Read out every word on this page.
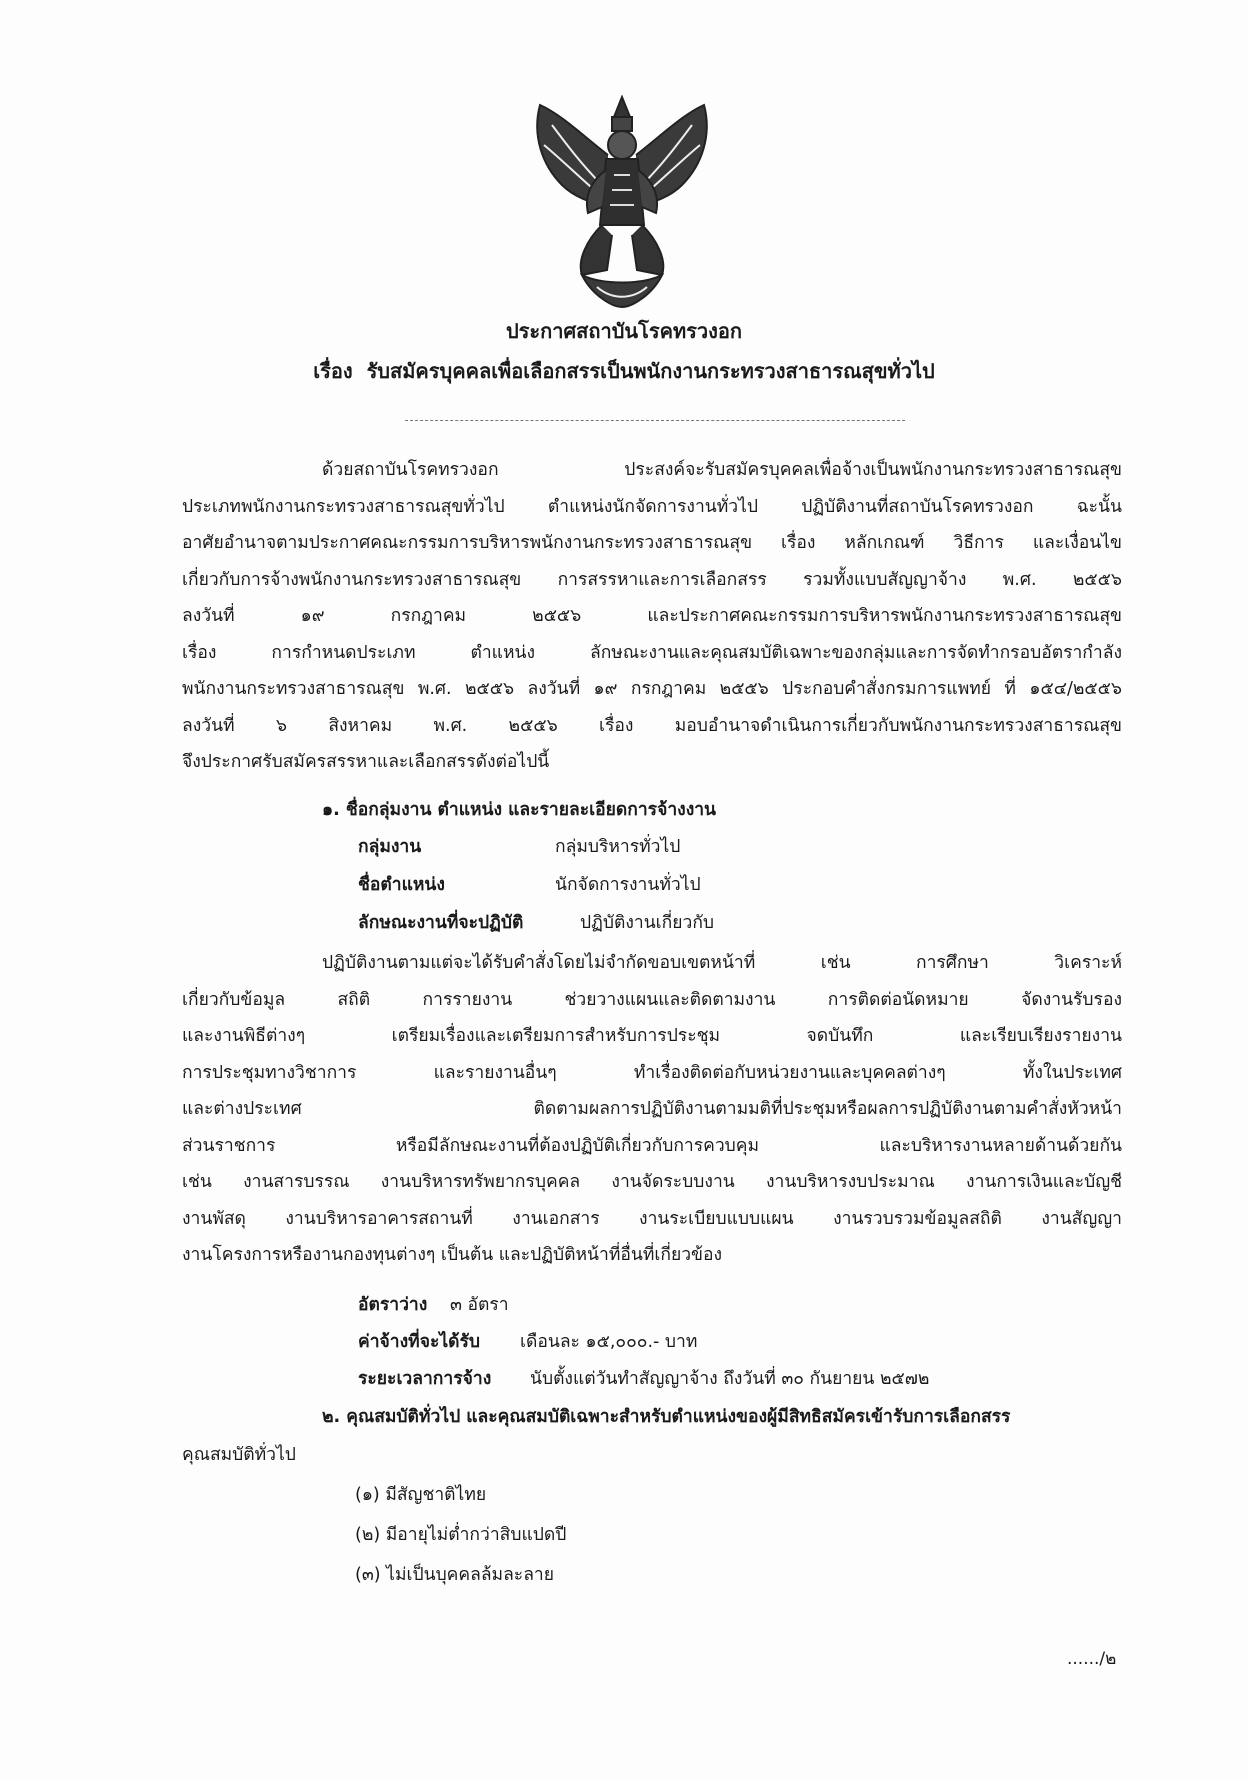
ประกาศสถาบันโรคทรวงอก
เรื่อง รับสมัครบุคคลเพื่อเลือกสรรเป็นพนักงานกระทรวงสาธารณสุขทั่วไป
ด้วยสถาบันโรคทรวงอก ประสงค์จะรับสมัครบุคคลเพื่อจ้างเป็นพนักงานกระทรวงสาธารณสุข
ประเภทพนักงานกระทรวงสาธารณสุขทั่วไป ตำแหน่งนักจัดการงานทั่วไป ปฏิบัติงานที่สถาบันโรคทรวงอก ฉะนั้น
อาศัยอำนาจตามประกาศคณะกรรมการบริหารพนักงานกระทรวงสาธารณสุข เรื่อง หลักเกณฑ์ วิธีการ และเงื่อนไข
เกี่ยวกับการจ้างพนักงานกระทรวงสาธารณสุข การสรรหาและการเลือกสรร รวมทั้งแบบสัญญาจ้าง พ.ศ. ๒๕๕๖
ลงวันที่ ๑๙ กรกฎาคม ๒๕๕๖ และประกาศคณะกรรมการบริหารพนักงานกระทรวงสาธารณสุข
เรื่อง การกำหนดประเภท ตำแหน่ง ลักษณะงานและคุณสมบัติเฉพาะของกลุ่มและการจัดทำกรอบอัตรากำลัง
พนักงานกระทรวงสาธารณสุข พ.ศ. ๒๕๕๖ ลงวันที่ ๑๙ กรกฎาคม ๒๕๕๖ ประกอบคำสั่งกรมการแพทย์ ที่ ๑๕๔/๒๕๕๖
ลงวันที่ ๖ สิงหาคม พ.ศ. ๒๕๕๖ เรื่อง มอบอำนาจดำเนินการเกี่ยวกับพนักงานกระทรวงสาธารณสุข
จึงประกาศรับสมัครสรรหาและเลือกสรรดังต่อไปนี้
๑. ชื่อกลุ่มงาน ตำแหน่ง และรายละเอียดการจ้างงาน
กลุ่มงาน	กลุ่มบริหารทั่วไป
ชื่อตำแหน่ง	นักจัดการงานทั่วไป
ลักษณะงานที่จะปฏิบัติ	ปฏิบัติงานเกี่ยวกับ
ปฏิบัติงานตามแต่จะได้รับคำสั่งโดยไม่จำกัดขอบเขตหน้าที่ เช่น การศึกษา วิเคราะห์
เกี่ยวกับข้อมูล สถิติ การรายงาน ช่วยวางแผนและติดตามงาน การติดต่อนัดหมาย จัดงานรับรอง
และงานพิธีต่างๆ เตรียมเรื่องและเตรียมการสำหรับการประชุม จดบันทึก และเรียบเรียงรายงาน
การประชุมทางวิชาการ และรายงานอื่นๆ ทำเรื่องติดต่อกับหน่วยงานและบุคคลต่างๆ ทั้งในประเทศ
และต่างประเทศ ติดตามผลการปฏิบัติงานตามมติที่ประชุมหรือผลการปฏิบัติงานตามคำสั่งหัวหน้า
ส่วนราชการ หรือมีลักษณะงานที่ต้องปฏิบัติเกี่ยวกับการควบคุม และบริหารงานหลายด้านด้วยกัน
เช่น งานสารบรรณ งานบริหารทรัพยากรบุคคล งานจัดระบบงาน งานบริหารงบประมาณ งานการเงินและบัญชี
งานพัสดุ งานบริหารอาคารสถานที่ งานเอกสาร งานระเบียบแบบแผน งานรวบรวมข้อมูลสถิติ งานสัญญา
งานโครงการหรืองานกองทุนต่างๆ เป็นต้น และปฏิบัติหน้าที่อื่นที่เกี่ยวข้อง
อัตราว่าง ๓ อัตรา
ค่าจ้างที่จะได้รับ เดือนละ ๑๕,๐๐๐.- บาท
ระยะเวลาการจ้าง นับตั้งแต่วันทำสัญญาจ้าง ถึงวันที่ ๓๐ กันยายน ๒๕๗๒
๒. คุณสมบัติทั่วไป และคุณสมบัติเฉพาะสำหรับตำแหน่งของผู้มีสิทธิสมัครเข้ารับการเลือกสรร
คุณสมบัติทั่วไป
(๑) มีสัญชาติไทย
(๒) มีอายุไม่ต่ำกว่าสิบแปดปี
(๓) ไม่เป็นบุคคลล้มละลาย
....../๒
